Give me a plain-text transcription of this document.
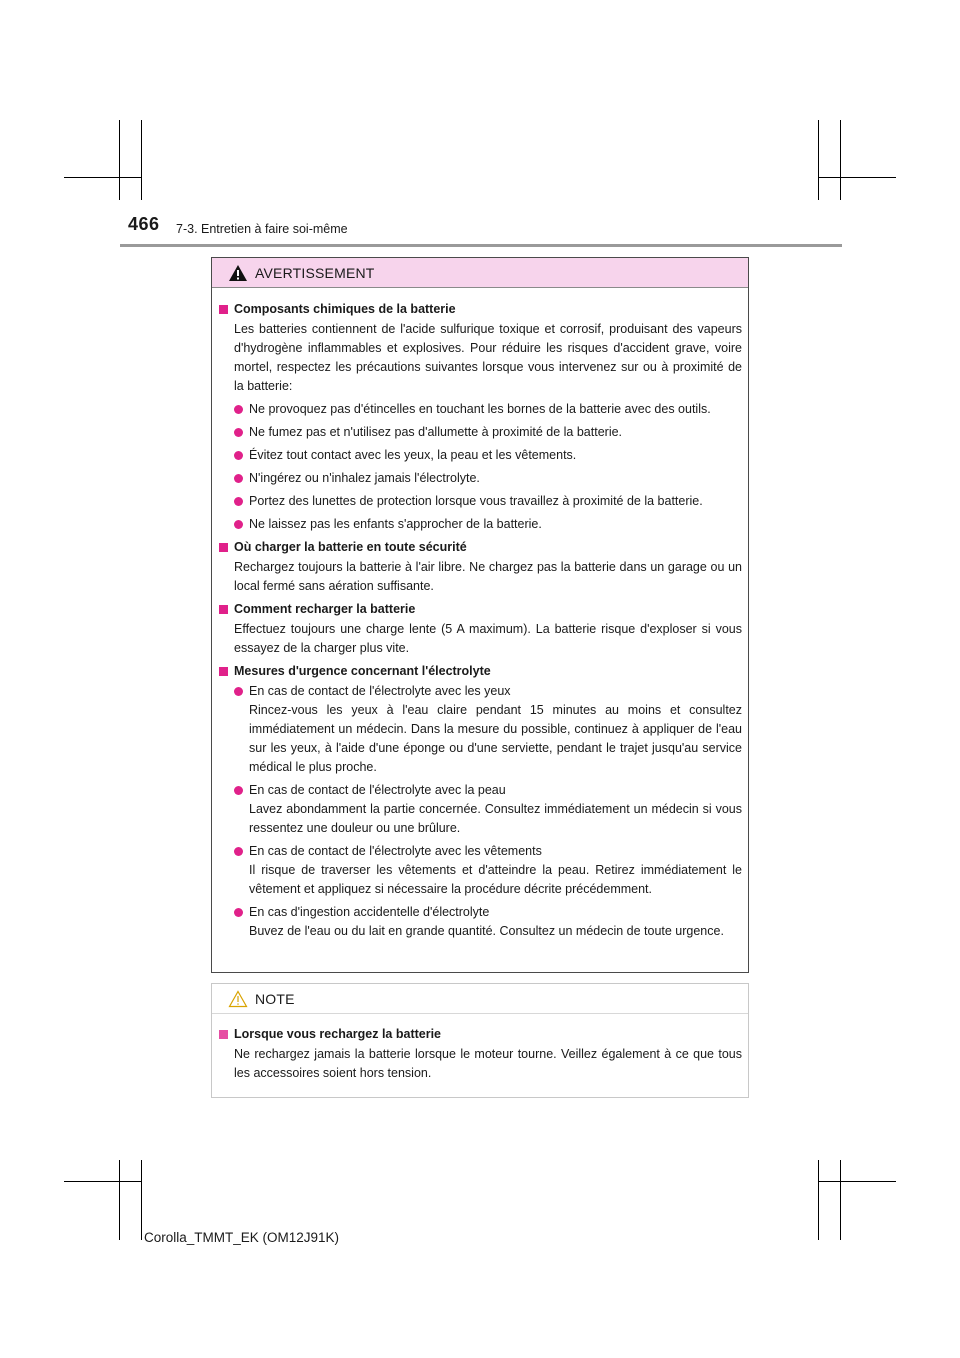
466 7-3. Entretien à faire soi-même
AVERTISSEMENT
Composants chimiques de la batterie
Les batteries contiennent de l'acide sulfurique toxique et corrosif, produisant des vapeurs d'hydrogène inflammables et explosives. Pour réduire les risques d'accident grave, voire mortel, respectez les précautions suivantes lorsque vous intervenez sur ou à proximité de la batterie:
Ne provoquez pas d'étincelles en touchant les bornes de la batterie avec des outils.
Ne fumez pas et n'utilisez pas d'allumette à proximité de la batterie.
Évitez tout contact avec les yeux, la peau et les vêtements.
N'ingérez ou n'inhalez jamais l'électrolyte.
Portez des lunettes de protection lorsque vous travaillez à proximité de la batterie.
Ne laissez pas les enfants s'approcher de la batterie.
Où charger la batterie en toute sécurité
Rechargez toujours la batterie à l'air libre. Ne chargez pas la batterie dans un garage ou un local fermé sans aération suffisante.
Comment recharger la batterie
Effectuez toujours une charge lente (5 A maximum). La batterie risque d'exploser si vous essayez de la charger plus vite.
Mesures d'urgence concernant l'électrolyte
En cas de contact de l'électrolyte avec les yeux
Rincez-vous les yeux à l'eau claire pendant 15 minutes au moins et consultez immédiatement un médecin. Dans la mesure du possible, continuez à appliquer de l'eau sur les yeux, à l'aide d'une éponge ou d'une serviette, pendant le trajet jusqu'au service médical le plus proche.
En cas de contact de l'électrolyte avec la peau
Lavez abondamment la partie concernée. Consultez immédiatement un médecin si vous ressentez une douleur ou une brûlure.
En cas de contact de l'électrolyte avec les vêtements
Il risque de traverser les vêtements et d'atteindre la peau. Retirez immédiatement le vêtement et appliquez si nécessaire la procédure décrite précédemment.
En cas d'ingestion accidentelle d'électrolyte
Buvez de l'eau ou du lait en grande quantité. Consultez un médecin de toute urgence.
NOTE
Lorsque vous rechargez la batterie
Ne rechargez jamais la batterie lorsque le moteur tourne. Veillez également à ce que tous les accessoires soient hors tension.
Corolla_TMMT_EK (OM12J91K)
